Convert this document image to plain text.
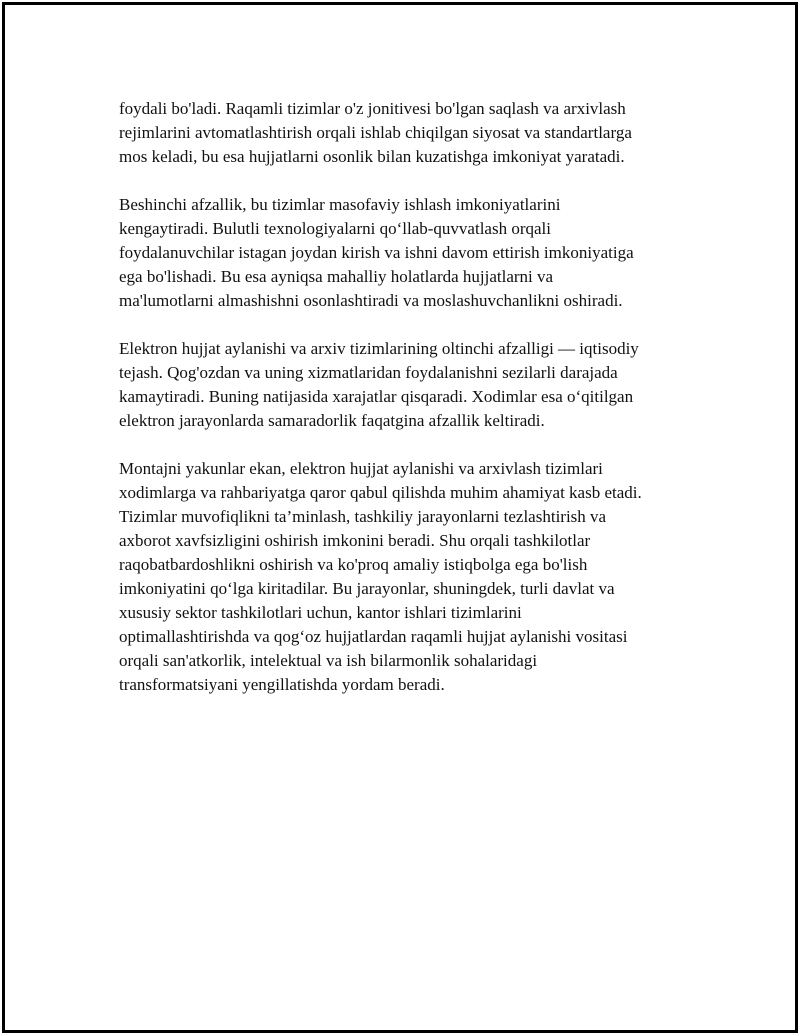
foydali bo'ladi. Raqamli tizimlar o'z jonitivesi bo'lgan saqlash va arxivlash
rejimlarini avtomatlashtirish orqali ishlab chiqilgan siyosat va standartlarga
mos keladi, bu esa hujjatlarni osonlik bilan kuzatishga imkoniyat yaratadi.

Beshinchi afzallik, bu tizimlar masofaviy ishlash imkoniyatlarini
kengaytiradi. Bulutli texnologiyalarni qo‘llab-quvvatlash orqali
foydalanuvchilar istagan joydan kirish va ishni davom ettirish imkoniyatiga
ega bo'lishadi. Bu esa ayniqsa mahalliy holatlarda hujjatlarni va
ma'lumotlarni almashishni osonlashtiradi va moslashuvchanlikni oshiradi.

Elektron hujjat aylanishi va arxiv tizimlarining oltinchi afzalligi — iqtisodiy
tejash. Qog'ozdan va uning xizmatlaridan foydalanishni sezilarli darajada
kamaytiradi. Buning natijasida xarajatlar qisqaradi. Xodimlar esa o‘qitilgan
elektron jarayonlarda samaradorlik faqatgina afzallik keltiradi.

Montajni yakunlar ekan, elektron hujjat aylanishi va arxivlash tizimlari
xodimlarga va rahbariyatga qaror qabul qilishda muhim ahamiyat kasb etadi.
Tizimlar muvofiqlikni ta’minlash, tashkiliy jarayonlarni tezlashtirish va
axborot xavfsizligini oshirish imkonini beradi. Shu orqali tashkilotlar
raqobatbardoshlikni oshirish va ko'proq amaliy istiqbolga ega bo'lish
imkoniyatini qo‘lga kiritadilar. Bu jarayonlar, shuningdek, turli davlat va
xususiy sektor tashkilotlari uchun, kantor ishlari tizimlarini
optimallashtirishda va qog‘oz hujjatlardan raqamli hujjat aylanishi vositasi
orqali san'atkorlik, intelektual va ish bilarmonlik sohalaridagi
transformatsiyani yengillatishda yordam beradi.
